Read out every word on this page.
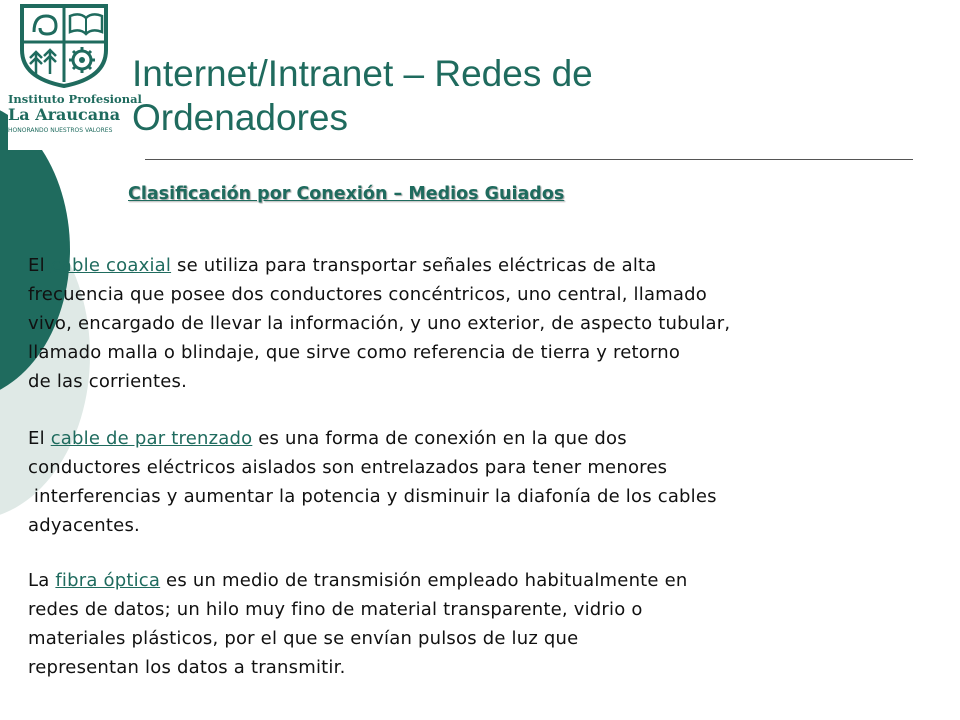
Instituto Profesional
La Araucana
HONORANDO NUESTROS VALORES
Internet/Intranet – Redes de
Ordenadores
Clasificación por Conexión – Medios Guiados
El cable coaxial se utiliza para transportar señales eléctricas de alta
frecuencia que posee dos conductores concéntricos, uno central, llamado
vivo, encargado de llevar la información, y uno exterior, de aspecto tubular,
llamado malla o blindaje, que sirve como referencia de tierra y retorno
de las corrientes.
El cable de par trenzado es una forma de conexión en la que dos
conductores eléctricos aislados son entrelazados para tener menores
interferencias y aumentar la potencia y disminuir la diafonía de los cables
adyacentes.
La fibra óptica es un medio de transmisión empleado habitualmente en
redes de datos; un hilo muy fino de material transparente, vidrio o
materiales plásticos, por el que se envían pulsos de luz que
representan los datos a transmitir.
